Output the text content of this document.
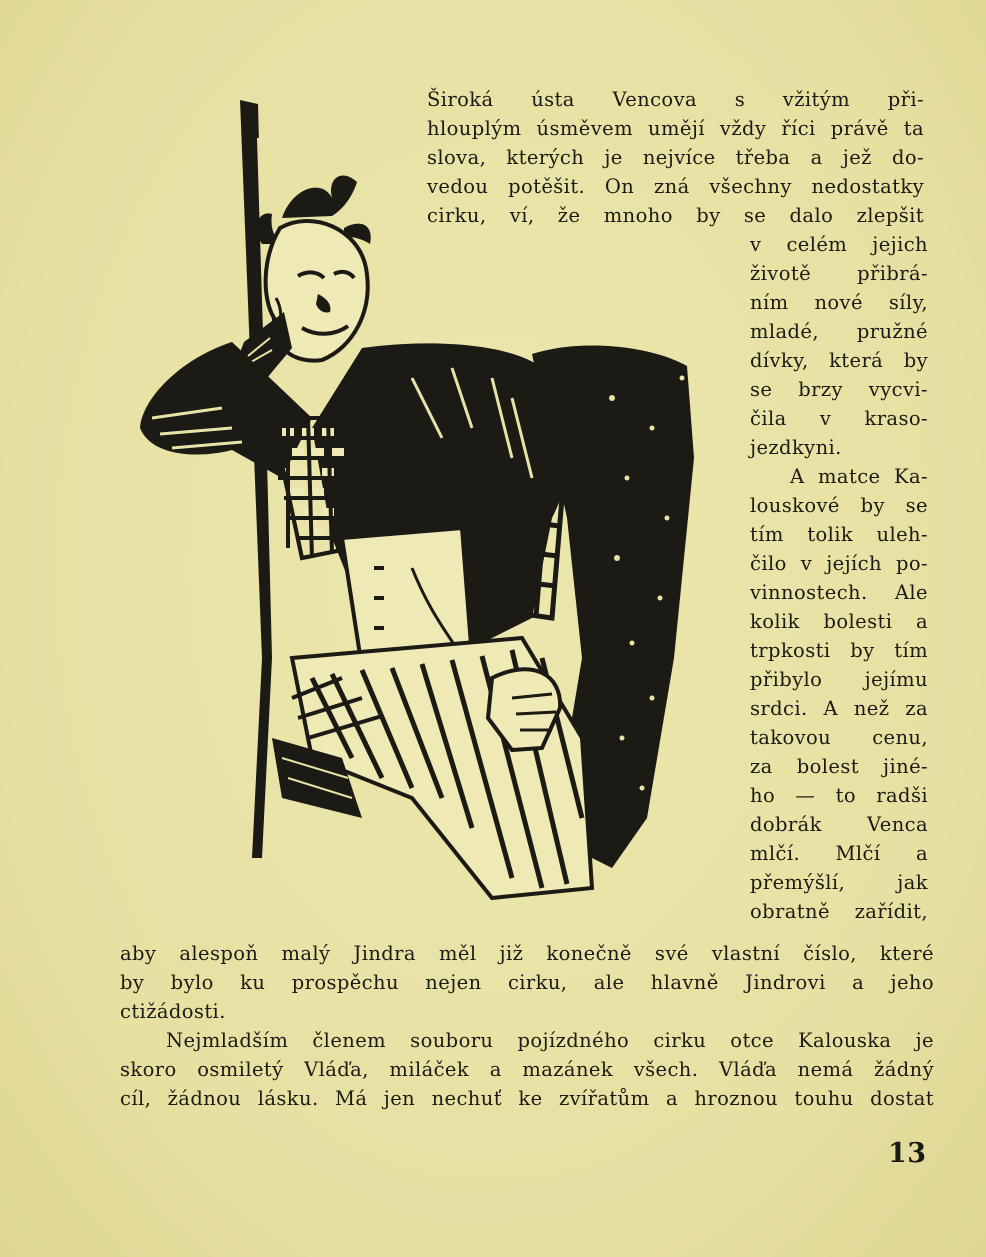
Široká ústa Vencova s vžitým při-
hlouplým úsměvem umějí vždy říci právě ta
slova, kterých je nejvíce třeba a jež do-
vedou potěšit. On zná všechny nedostatky
cirku, ví, že mnoho by se dalo zlepšit
v celém jejich
životě přibrá-
ním nové síly,
mladé, pružné
dívky, která by
se brzy vycvi-
čila v kraso-
jezdkyni.
A matce Ka-
louskové by se
tím tolik uleh-
čilo v jejích po-
vinnostech. Ale
kolik bolesti a
trpkosti by tím
přibylo jejímu
srdci. A než za
takovou cenu,
za bolest jiné-
ho — to radši
dobrák Venca
mlčí. Mlčí a
přemýšlí, jak
obratně zařídit,
aby alespoň malý Jindra měl již konečně své vlastní číslo, které
by bylo ku prospěchu nejen cirku, ale hlavně Jindrovi a jeho
ctižádosti.
Nejmladším členem souboru pojízdného cirku otce Kalouska je
skoro osmiletý Vláďa, miláček a mazánek všech. Vláďa nemá žádný
cíl, žádnou lásku. Má jen nechuť ke zvířatům a hroznou touhu dostat
13
